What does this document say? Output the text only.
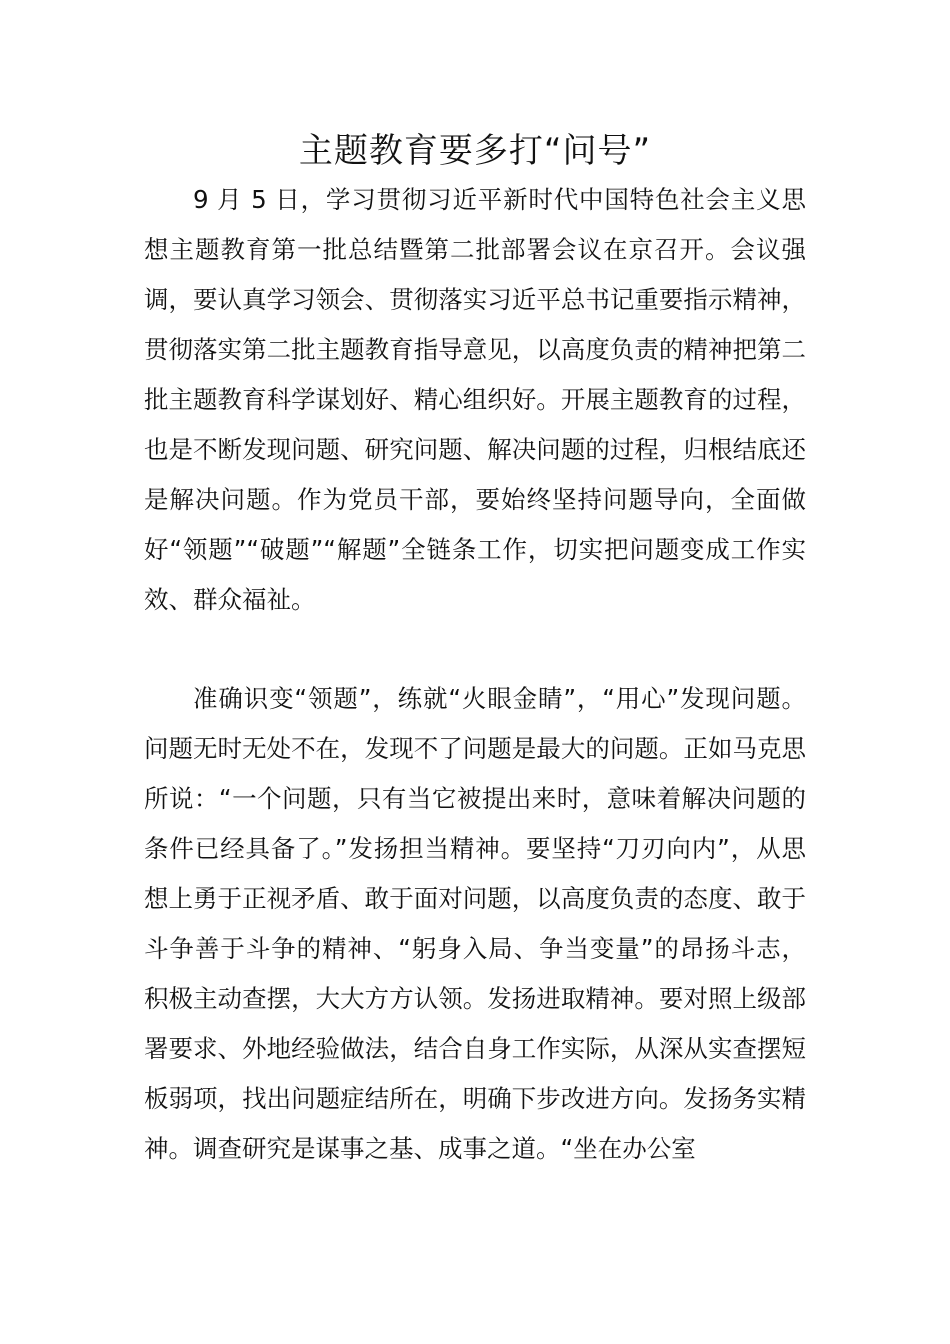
主题教育要多打“问号”

9 月 5 日，学习贯彻习近平新时代中国特色社会主义思想主题教育第一批总结暨第二批部署会议在京召开。会议强调，要认真学习领会、贯彻落实习近平总书记重要指示精神，贯彻落实第二批主题教育指导意见，以高度负责的精神把第二批主题教育科学谋划好、精心组织好。开展主题教育的过程，也是不断发现问题、研究问题、解决问题的过程，归根结底还是解决问题。作为党员干部，要始终坚持问题导向，全面做好“领题”“破题”“解题”全链条工作，切实把问题变成工作实效、群众福祉。

准确识变“领题”，练就“火眼金睛”，“用心”发现问题。问题无时无处不在，发现不了问题是最大的问题。正如马克思所说：“一个问题，只有当它被提出来时，意味着解决问题的条件已经具备了。”发扬担当精神。要坚持“刀刃向内”，从思想上勇于正视矛盾、敢于面对问题，以高度负责的态度、敢于斗争善于斗争的精神、“躬身入局、争当变量”的昂扬斗志，积极主动查摆，大大方方认领。发扬进取精神。要对照上级部署要求、外地经验做法，结合自身工作实际，从深从实查摆短板弱项，找出问题症结所在，明确下步改进方向。发扬务实精神。调查研究是谋事之基、成事之道。“坐在办公室
